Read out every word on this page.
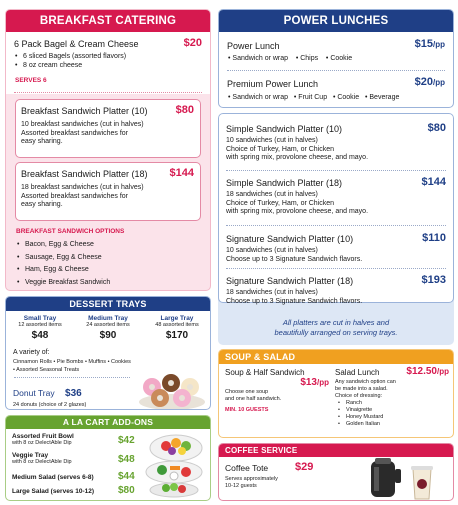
BREAKFAST CATERING
6 Pack Bagel & Cream Cheese	$20
• 6 sliced Bagels (assorted flavors)
• 8 oz cream cheese
SERVES 6
Breakfast Sandwich Platter (10)	$80
10 breakfast sandwiches (cut in halves)
Assorted breakfast sandwiches for
easy sharing.
Breakfast Sandwich Platter (18) $144
18 breakfast sandwiches (cut in halves)
Assorted breakfast sandwiches for
easy sharing.
BREAKFAST SANDWICH OPTIONS
• Bacon, Egg & Cheese
• Sausage, Egg & Cheese
• Ham, Egg & Cheese
• Veggie Breakfast Sandwich
POWER LUNCHES
Power Lunch	$15/pp
• Sandwich or wrap • Chips • Cookie
Premium Power Lunch	$20/pp
• Sandwich or wrap • Fruit Cup • Cookie • Beverage
Simple Sandwich Platter (10)	$80
10 sandwiches (cut in halves)
Choice of Turkey, Ham, or Chicken
with spring mix, provolone cheese, and mayo.
Simple Sandwich Platter (18)	$144
18 sandwiches (cut in halves)
Choice of Turkey, Ham, or Chicken
with spring mix, provolone cheese, and mayo.
Signature Sandwich Platter (10)	$110
10 sandwiches (cut in halves)
Choose up to 3 Signature Sandwich flavors.
Signature Sandwich Platter (18)	$193
18 sandwiches (cut in halves)
Choose up to 3 Signature Sandwich flavors.
All platters are cut in halves and
beautifully arranged on serving trays.
DESSERT TRAYS
Small Tray
12 assorted items
$48
Medium Tray
24 assorted items
$90
Large Tray
48 assorted items
$170
A variety of:
Cinnamon Rolls • Pie Bombs • Muffins • Cookies
• Assorted Seasonal Treats
Donut Tray $36
24 donuts (choice of 2 glazes)
A LA CART ADD-ONS
Assorted Fruit Bowl
with 8 oz DelectAble Dip	$42
Veggie Tray
with 8 oz DelectAble Dip	$48
Medium Salad (serves 6-8) $44
Large Salad (serves 10-12) $80
SOUP & SALAD
Soup & Half Sandwich
$13/pp
Choose one soup
and one half sandwich.
MIN. 10 GUESTS
Salad Lunch	$12.50/pp
Any sandwich option can
be made into a salad.
Choice of dressing:
• Ranch
• Vinaigrette
• Honey Mustard
• Golden Italian
COFFEE SERVICE
Coffee Tote $29
Serves approximately
10-12 guests
